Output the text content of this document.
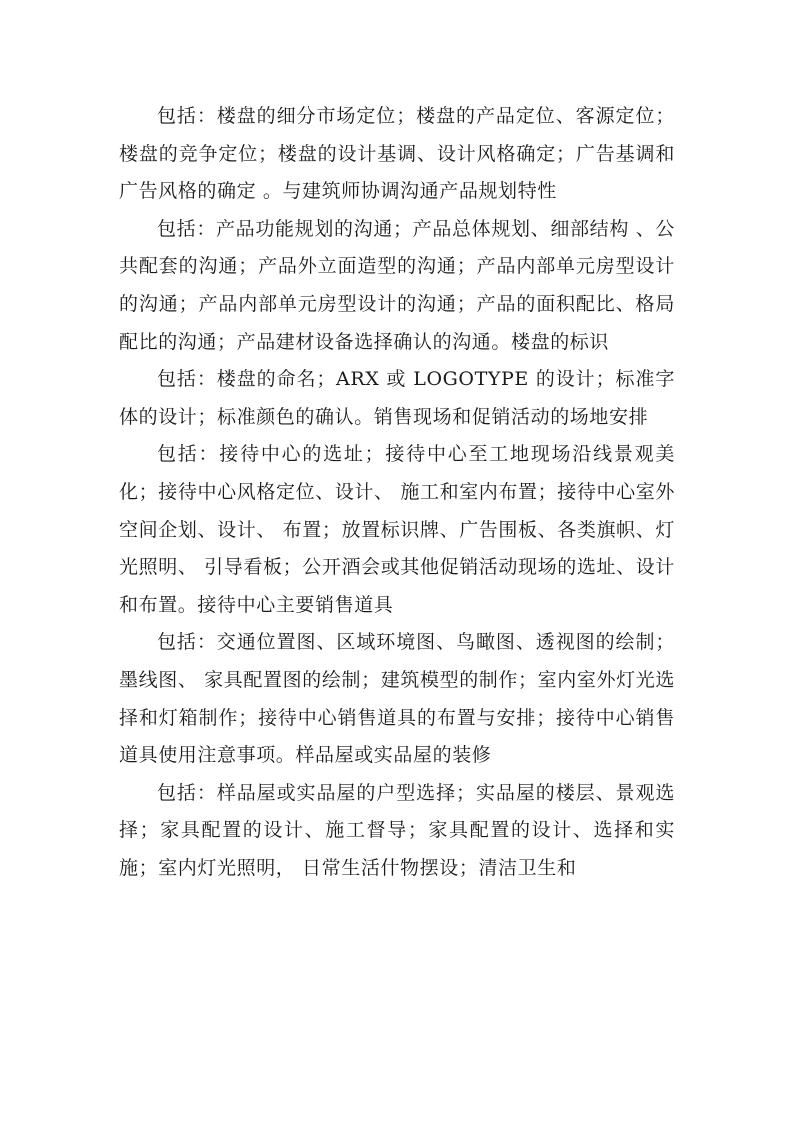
包括：楼盘的细分市场定位；楼盘的产品定位、客源定位；楼盘的竞争定位；楼盘的设计基调、设计风格确定；广告基调和广告风格的确定 。与建筑师协调沟通产品规划特性

包括：产品功能规划的沟通；产品总体规划、细部结构 、公共配套的沟通；产品外立面造型的沟通；产品内部单元房型设计的沟通；产品内部单元房型设计的沟通；产品的面积配比、格局配比的沟通；产品建材设备选择确认的沟通。楼盘的标识

包括：楼盘的命名；ARX 或 LOGOTYPE 的设计；标准字体的设计；标准颜色的确认。销售现场和促销活动的场地安排

包括：接待中心的选址；接待中心至工地现场沿线景观美化；接待中心风格定位、设计、 施工和室内布置；接待中心室外空间企划、设计、 布置；放置标识牌、广告围板、各类旗帜、灯光照明、 引导看板；公开酒会或其他促销活动现场的选址、设计和布置。接待中心主要销售道具

包括：交通位置图、区域环境图、鸟瞰图、透视图的绘制；墨线图、 家具配置图的绘制；建筑模型的制作；室内室外灯光选择和灯箱制作；接待中心销售道具的布置与安排；接待中心销售道具使用注意事项。样品屋或实品屋的装修

包括：样品屋或实品屋的户型选择；实品屋的楼层、景观选择；家具配置的设计、施工督导；家具配置的设计、选择和实施；室内灯光照明， 日常生活什物摆设；清洁卫生和
